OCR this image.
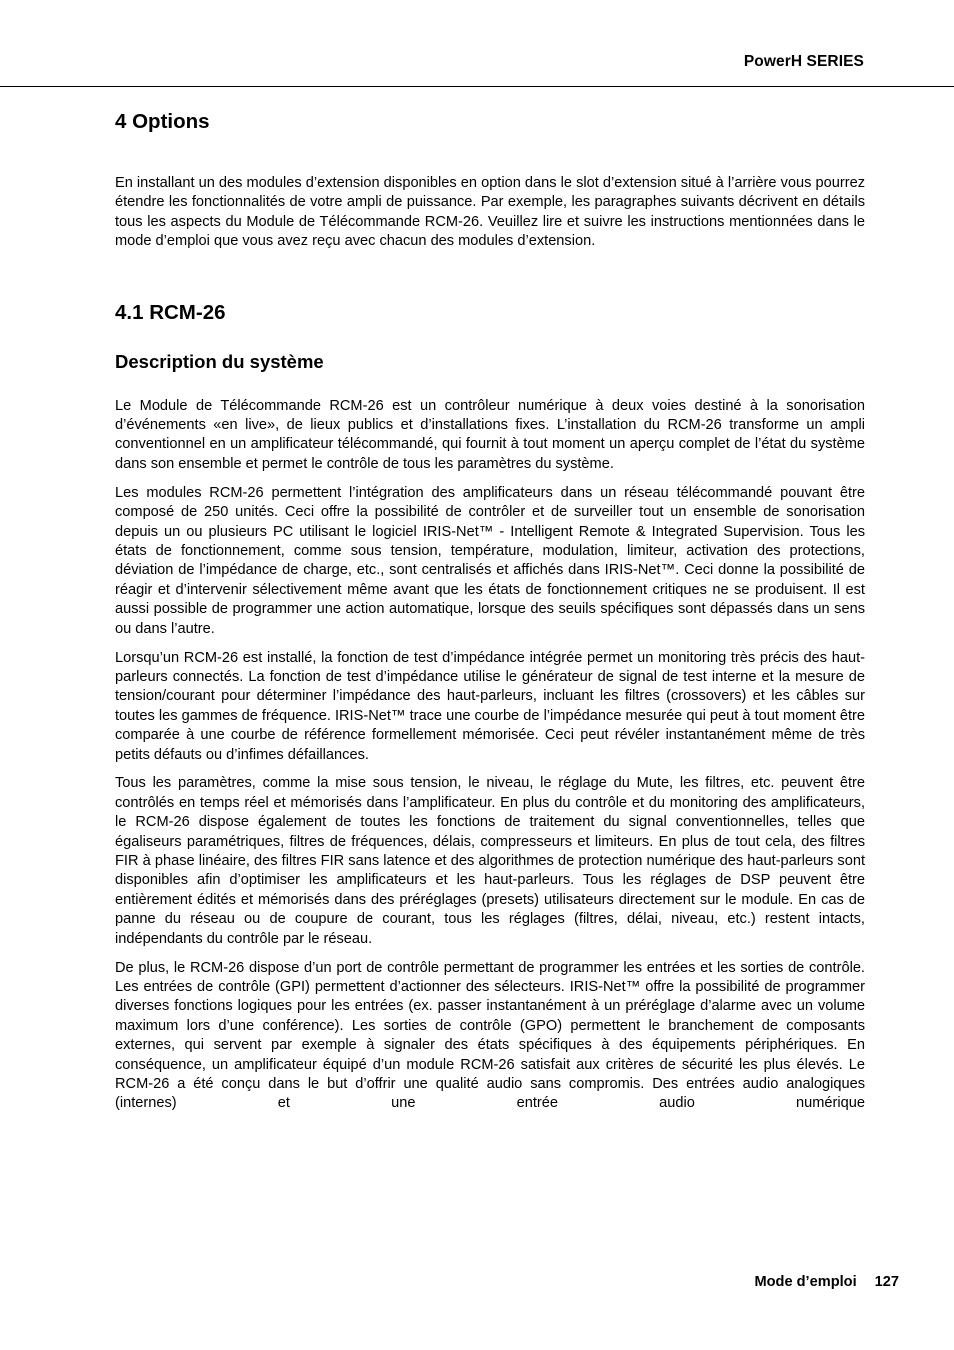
PowerH SERIES
4 Options

En installant un des modules d’extension disponibles en option dans le slot d’extension situé à l’arrière vous pourrez étendre les fonctionnalités de votre ampli de puissance. Par exemple, les paragraphes suivants décrivent en détails tous les aspects du Module de Télécommande RCM-26. Veuillez lire et suivre les instructions mentionnées dans le mode d’emploi que vous avez reçu avec chacun des modules d’extension.

4.1 RCM-26
Description du système

Le Module de Télécommande RCM-26 est un contrôleur numérique à deux voies destiné à la sonorisation d’événements «en live», de lieux publics et d’installations fixes. L’installation du RCM-26 transforme un ampli conventionnel en un amplificateur télécommandé, qui fournit à tout moment un aperçu complet de l’état du système dans son ensemble et permet le contrôle de tous les paramètres du système.

Les modules RCM-26 permettent l’intégration des amplificateurs dans un réseau télécommandé pouvant être composé de 250 unités. Ceci offre la possibilité de contrôler et de surveiller tout un ensemble de sonorisation depuis un ou plusieurs PC utilisant le logiciel IRIS-Net™ - Intelligent Remote & Integrated Supervision. Tous les états de fonctionnement, comme sous tension, température, modulation, limiteur, activation des protections, déviation de l’impédance de charge, etc., sont centralisés et affichés dans IRIS-Net™. Ceci donne la possibilité de réagir et d’intervenir sélectivement même avant que les états de fonctionnement critiques ne se produisent. Il est aussi possible de programmer une action automatique, lorsque des seuils spécifiques sont dépassés dans un sens ou dans l’autre.

Lorsqu’un RCM-26 est installé, la fonction de test d’impédance intégrée permet un monitoring très précis des haut-parleurs connectés. La fonction de test d’impédance utilise le générateur de signal de test interne et la mesure de tension/courant pour déterminer l’impédance des haut-parleurs, incluant les filtres (crossovers) et les câbles sur toutes les gammes de fréquence. IRIS-Net™ trace une courbe de l’impédance mesurée qui peut à tout moment être comparée à une courbe de référence formellement mémorisée. Ceci peut révéler instantanément même de très petits défauts ou d’infimes défaillances.

Tous les paramètres, comme la mise sous tension, le niveau, le réglage du Mute, les filtres, etc. peuvent être contrôlés en temps réel et mémorisés dans l’amplificateur. En plus du contrôle et du monitoring des amplificateurs, le RCM-26 dispose également de toutes les fonctions de traitement du signal conventionnelles, telles que égaliseurs paramétriques, filtres de fréquences, délais, compresseurs et limiteurs. En plus de tout cela, des filtres FIR à phase linéaire, des filtres FIR sans latence et des algorithmes de protection numérique des haut-parleurs sont disponibles afin d’optimiser les amplificateurs et les haut-parleurs. Tous les réglages de DSP peuvent être entièrement édités et mémorisés dans des préréglages (presets) utilisateurs directement sur le module. En cas de panne du réseau ou de coupure de courant, tous les réglages (filtres, délai, niveau, etc.) restent intacts, indépendants du contrôle par le réseau.

De plus, le RCM-26 dispose d’un port de contrôle permettant de programmer les entrées et les sorties de contrôle. Les entrées de contrôle (GPI) permettent d’actionner des sélecteurs. IRIS-Net™ offre la possibilité de programmer diverses fonctions logiques pour les entrées (ex. passer instantanément à un préréglage d’alarme avec un volume maximum lors d’une conférence). Les sorties de contrôle (GPO) permettent le branchement de composants externes, qui servent par exemple à signaler des états spécifiques à des équipements périphériques. En conséquence, un amplificateur équipé d’un module RCM-26 satisfait aux critères de sécurité les plus élevés. Le RCM-26 a été conçu dans le but d’offrir une qualité audio sans compromis. Des entrées audio analogiques (internes) et une entrée audio numérique

Mode d’emploi 127
